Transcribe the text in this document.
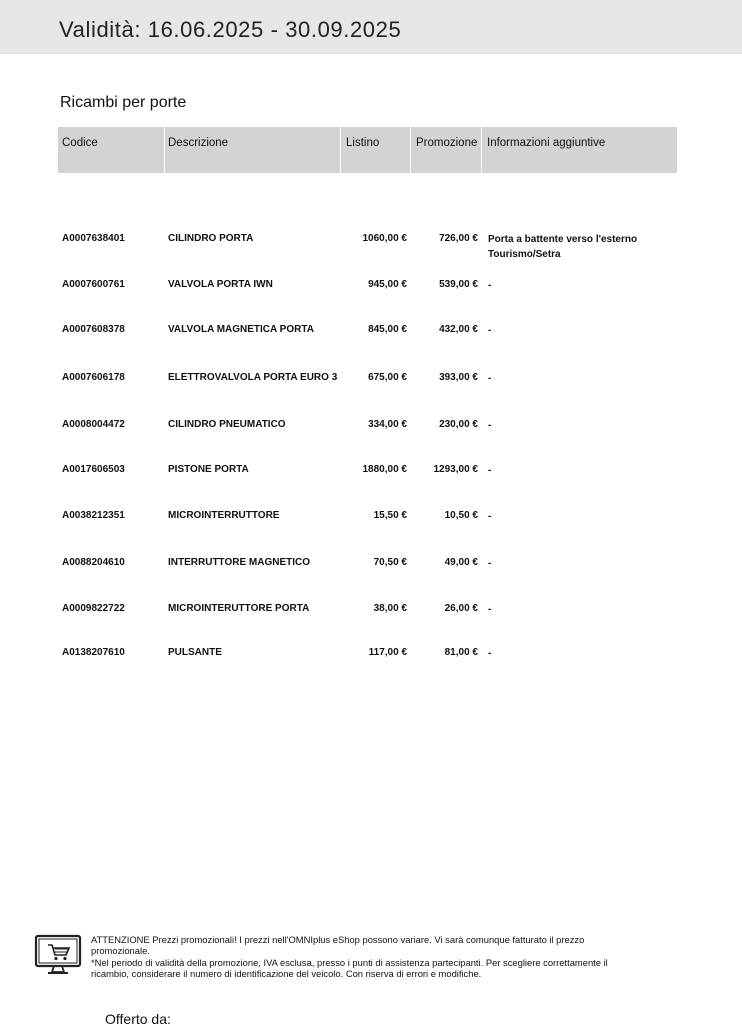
Validità: 16.06.2025 - 30.09.2025
Ricambi per porte
Codice	Descrizione	Listino	Promozione Informazioni aggiuntive
A0007638401	CILINDRO PORTA	1060,00 €	726,00 € Porta a battente verso l'esterno
Tourismo/Setra
A0007600761	VALVOLA PORTA IWN	945,00 €	539,00 € -
A0007608378	VALVOLA MAGNETICA PORTA	845,00 €	432,00 € -
A0007606178	ELETTROVALVOLA PORTA EURO 3	675,00 €	393,00 € -
A0008004472	CILINDRO PNEUMATICO	334,00 €	230,00 € -
A0017606503	PISTONE PORTA	1880,00 €	1293,00 € -
A0038212351	MICROINTERRUTTORE	15,50 €	10,50 € -
A0088204610	INTERRUTTORE MAGNETICO	70,50 €	49,00 € -
A0009822722	MICROINTERUTTORE PORTA	38,00 €	26,00 € -
A0138207610	PULSANTE	117,00 €	81,00 € -
ATTENZIONE Prezzi promozionali! I prezzi nell'OMNIplus eShop possono variare. Vi sarà comunque fatturato il prezzo
promozionale.
*Nel periodo di validità della promozione, IVA esclusa, presso i punti di assistenza partecipanti. Per scegliere correttamente il
ricambio, considerare il numero di identificazione del veicolo. Con riserva di errori e modifiche.
Offerto da:
